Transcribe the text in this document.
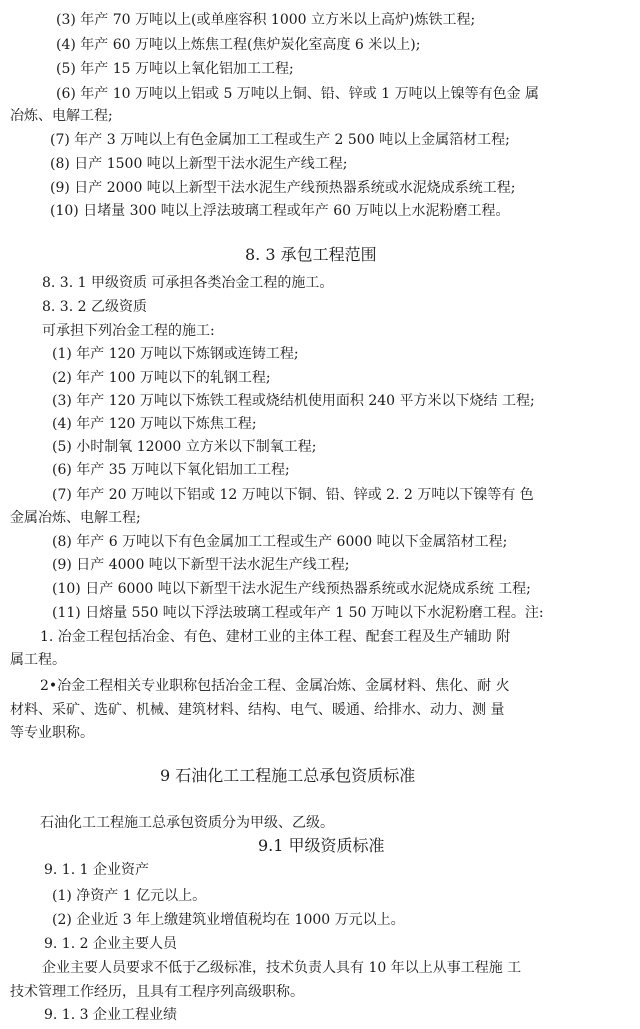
(3) 年产 70 万吨以上(或单座容积 1000 立方米以上高炉)炼铁工程;
(4) 年产 60 万吨以上炼焦工程(焦炉炭化室高度 6 米以上);
(5) 年产 15 万吨以上氧化铝加工工程;
(6) 年产 10 万吨以上铝或 5 万吨以上铜、铅、锌或 1 万吨以上镍等有色金 属
冶炼、电解工程;
(7) 年产 3 万吨以上有色金属加工工程或生产 2 500 吨以上金属箔材工程;
(8) 日产 1500 吨以上新型干法水泥生产线工程;
(9) 日产 2000 吨以上新型干法水泥生产线预热器系统或水泥烧成系统工程;
(10) 日堵量 300 吨以上浮法玻璃工程或年产 60 万吨以上水泥粉磨工程。
8. 3 承包工程范围
8. 3. 1 甲级资质 可承担各类冶金工程的施工。
8. 3. 2 乙级资质
可承担下列冶金工程的施工:
(1) 年产 120 万吨以下炼钢或连铸工程;
(2) 年产 100 万吨以下的轧钢工程;
(3) 年产 120 万吨以下炼铁工程或烧结机使用面积 240 平方米以下烧结 工程;
(4) 年产 120 万吨以下炼焦工程;
(5) 小时制氧 12000 立方米以下制氧工程;
(6) 年产 35 万吨以下氧化铝加工工程;
(7) 年产 20 万吨以下铝或 12 万吨以下铜、铅、锌或 2. 2 万吨以下镍等有 色
金属冶炼、电解工程;
(8) 年产 6 万吨以下有色金属加工工程或生产 6000 吨以下金属箔材工程;
(9) 日产 4000 吨以下新型干法水泥生产线工程;
(10) 日产 6000 吨以下新型干法水泥生产线预热器系统或水泥烧成系统 工程;
(11) 日熔量 550 吨以下浮法玻璃工程或年产 1 50 万吨以下水泥粉磨工程。注:
1. 冶金工程包括冶金、有色、建材工业的主体工程、配套工程及生产辅助 附
属工程。
2•冶金工程相关专业职称包括冶金工程、金属冶炼、金属材料、焦化、耐 火
材料、采矿、选矿、机械、建筑材料、结构、电气、暖通、给排水、动力、测 量
等专业职称。
9 石油化工工程施工总承包资质标准
石油化工工程施工总承包资质分为甲级、乙级。
9.1 甲级资质标准
9. 1. 1 企业资产
(1) 净资产 1 亿元以上。
(2) 企业近 3 年上缴建筑业增值税均在 1000 万元以上。
9. 1. 2 企业主要人员
企业主要人员要求不低于乙级标准，技术负责人具有 10 年以上从事工程施 工
技术管理工作经历，且具有工程序列高级职称。
9. 1. 3 企业工程业绩
